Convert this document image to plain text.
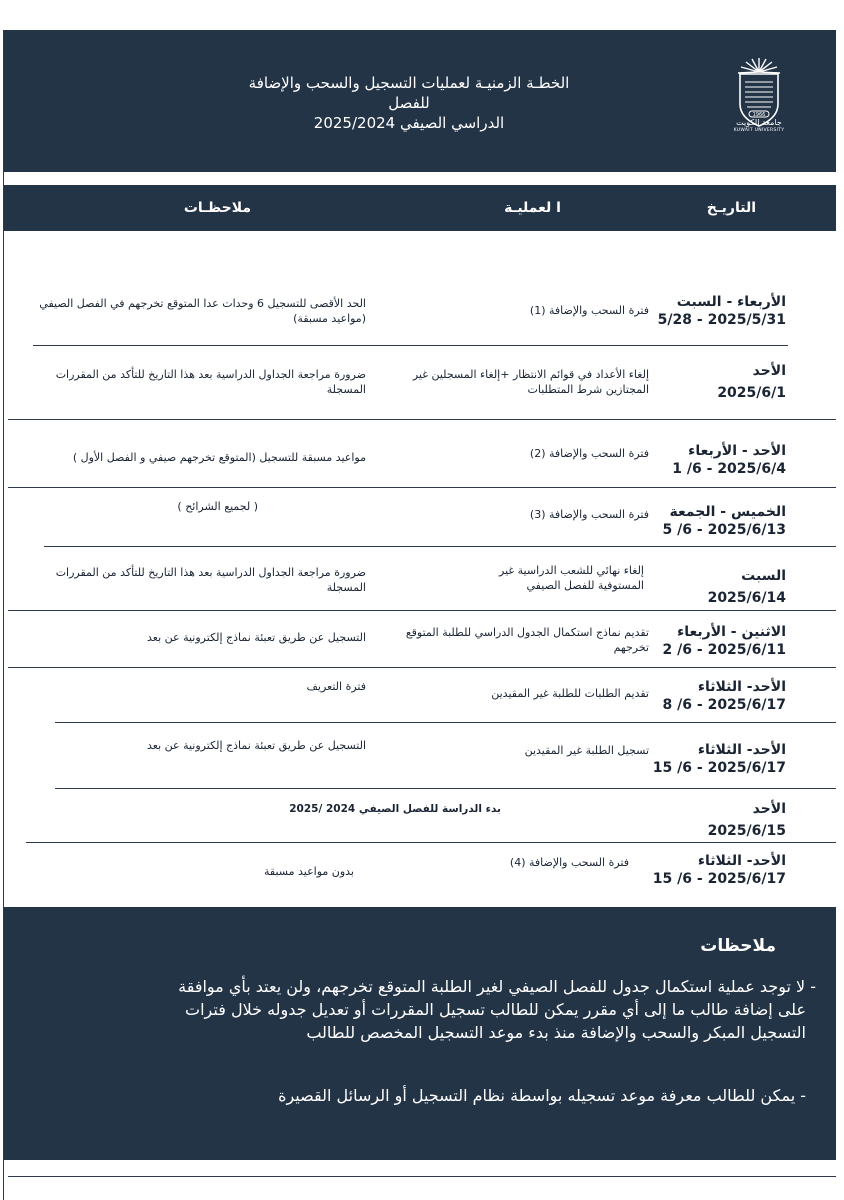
الخطـة الزمنيـة لعمليات التسجيل والسحب والإضافة للفصل
الدراسي الصيفي 2025/2024	1966
جامعة الكويت
KUWAIT UNIVERSITY
التاريـخ
ا لعمليـة
ملاحظـات
الأربعاء - السبت
2025/5/31 - 5/28
فترة السحب والإضافة (1)
الحد الأقصى للتسجيل 6 وحدات عدا المتوقع تخرجهم في الفصل الصيفي (مواعيد مسبقة)
الأحد
2025/6/1
إلغاء الأعداد في قوائم الانتظار +إلغاء المسجلين غير المجتازين شرط المتطلبات
ضرورة مراجعة الجداول الدراسية بعد هذا التاريخ للتأكد من المقررات المسجلة
الأحد - الأربعاء
2025/6/4 - 6/ 1
فترة السحب والإضافة (2)
مواعيد مسبقة للتسجيل (المتوقع تخرجهم صيفي و الفصل الأول )
الخميس - الجمعة
2025/6/13 - 6/ 5
فترة السحب والإضافة (3)
( لجميع الشرائح )
السبت
2025/6/14
إلغاء نهائي للشعب الدراسية غير المستوفية للفصل الصيفي
ضرورة مراجعة الجداول الدراسية بعد هذا التاريخ للتأكد من المقررات المسجلة
الاثنين - الأربعاء
2025/6/11 - 6/ 2
تقديم نماذج استكمال الجدول الدراسي للطلبة المتوقع تخرجهم
التسجيل عن طريق تعبئة نماذج إلكترونية عن بعد
الأحد- الثلاثاء
2025/6/17 - 6/ 8
تقديم الطلبات للطلبة غير المقيدين
فترة التعريف
الأحد- الثلاثاء
2025/6/17 - 6/ 15
تسجيل الطلبة غير المقيدين
التسجيل عن طريق تعبئة نماذج إلكترونية عن بعد
الأحد
2025/6/15
بدء الدراسة للفصل الصيفي 2024 /2025
الأحد- الثلاثاء
2025/6/17 - 6/ 15
فترة السحب والإضافة (4)
بدون مواعيد مسبقة
ملاحظات
- لا توجد عملية استكمال جدول للفصل الصيفي لغير الطلبة المتوقع تخرجهم، ولن يعتد بأي موافقة
على إضافة طالب ما إلى أي مقرر يمكن للطالب تسجيل المقررات أو تعديل جدوله خلال فترات
التسجيل المبكر والسحب والإضافة منذ بدء موعد التسجيل المخصص للطالب
- يمكن للطالب معرفة موعد تسجيله بواسطة نظام التسجيل أو الرسائل القصيرة
